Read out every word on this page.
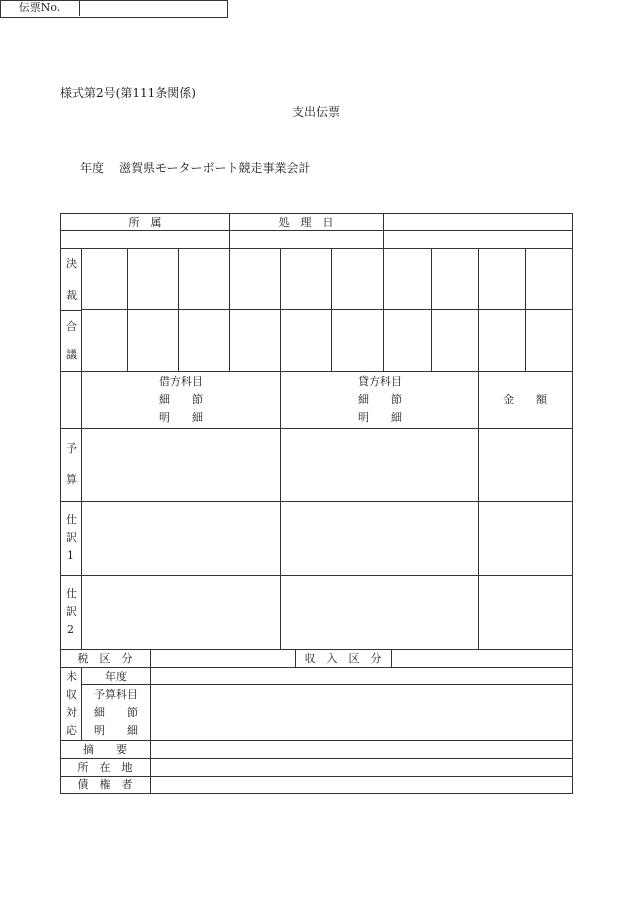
様式第2号(第111条関係)
支出伝票
年度 滋賀県モーターボート競走事業会計
伝票No.
所　属	処　理　日
決
裁
合
議
借方科目
細　　節
明　　細
貸方科目
細　　節
明　　細
金　　額
予
算
仕
訳
1
仕
訳
2
税　区　分	収　入　区　分
未
収
対
応
年度
予算科目
細　　節
明　　細
摘　　要
所　在　地
債　権　者
